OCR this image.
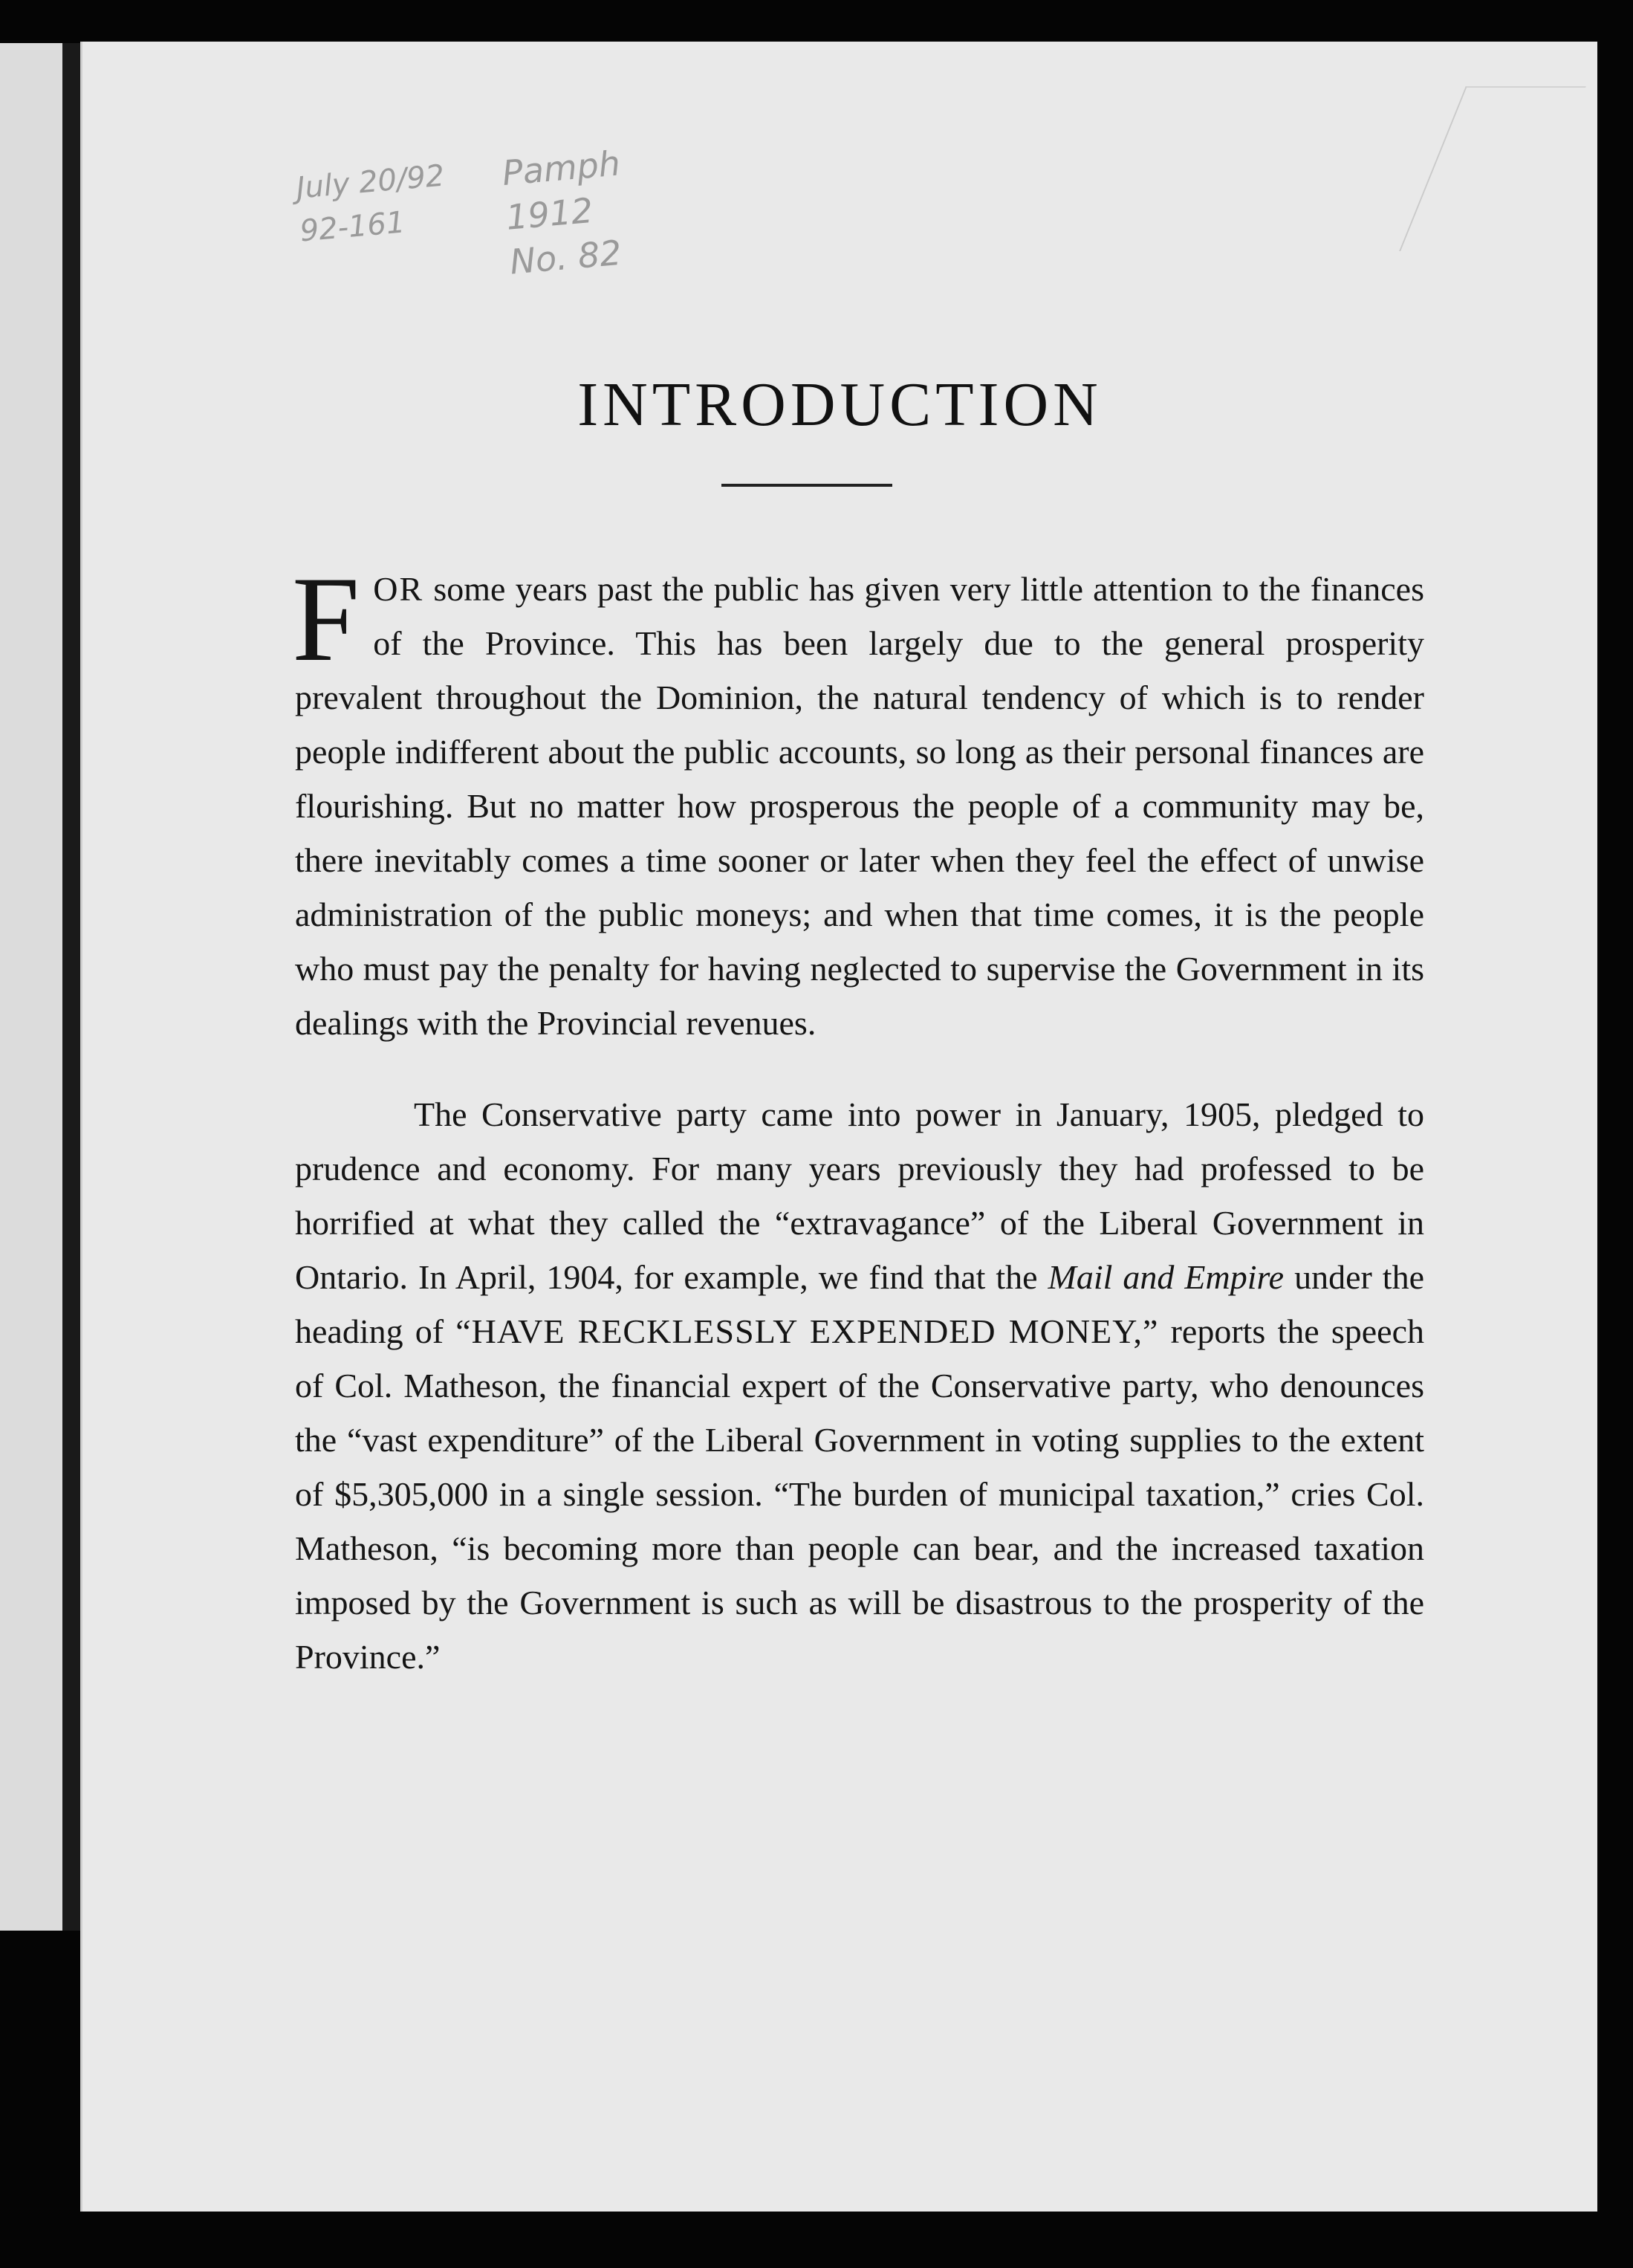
July 20/92
92-161
Pamph
1912
No. 82
INTRODUCTION

FOR some years past the public has given very little attention to the finances of the Province. This has been largely due to the general prosperity prevalent throughout the Dominion, the natural tendency of which is to render people indifferent about the public accounts, so long as their personal finances are flourishing. But no matter how prosperous the people of a community may be, there inevitably comes a time sooner or later when they feel the effect of unwise administration of the public moneys; and when that time comes, it is the people who must pay the penalty for having neglected to supervise the Government in its dealings with the Provincial revenues.

The Conservative party came into power in January, 1905, pledged to prudence and economy. For many years previously they had professed to be horrified at what they called the “extravagance” of the Liberal Government in Ontario. In April, 1904, for example, we find that the Mail and Empire under the heading of “HAVE RECKLESSLY EXPENDED MONEY,” reports the speech of Col. Matheson, the financial expert of the Conservative party, who denounces the “vast expenditure” of the Liberal Government in voting supplies to the extent of $5,305,000 in a single session. “The burden of municipal taxation,” cries Col. Matheson, “is becoming more than people can bear, and the increased taxation imposed by the Government is such as will be disastrous to the prosperity of the Province.”
